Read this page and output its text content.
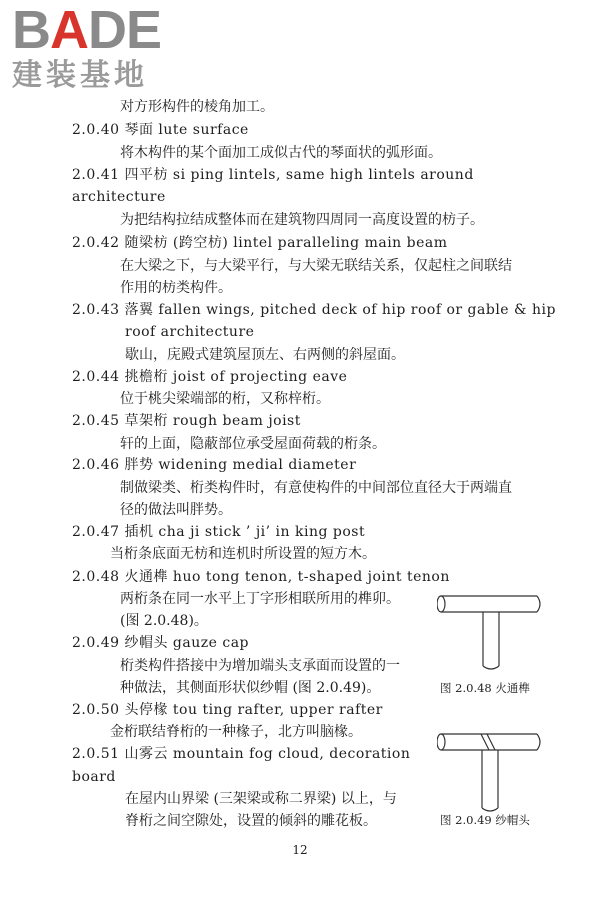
BADE
建装基地
对方形构件的棱角加工。
2.0.40 琴面 lute surface
将木构件的某个面加工成似古代的琴面状的弧形面。
2.0.41 四平枋 si ping lintels, same high lintels around
architecture
为把结构拉结成整体而在建筑物四周同一高度设置的枋子。
2.0.42 随梁枋 (跨空枋) lintel paralleling main beam
在大梁之下，与大梁平行，与大梁无联结关系，仅起柱之间联结
作用的枋类构件。
2.0.43 落翼 fallen wings, pitched deck of hip roof or gable & hip
roof architecture
歇山，庑殿式建筑屋顶左、右两侧的斜屋面。
2.0.44 挑檐桁 joist of projecting eave
位于桃尖梁端部的桁，又称梓桁。
2.0.45 草架桁 rough beam joist
轩的上面，隐蔽部位承受屋面荷载的桁条。
2.0.46 胖势 widening medial diameter
制做梁类、桁类构件时，有意使构件的中间部位直径大于两端直
径的做法叫胖势。
2.0.47 插机 cha ji stick ’ ji’ in king post
当桁条底面无枋和连机时所设置的短方木。
2.0.48 火通榫 huo tong tenon, t-shaped joint tenon
两桁条在同一水平上丁字形相联所用的榫卯。
(图 2.0.48)。
2.0.49 纱帽头 gauze cap
桁类构件搭接中为增加端头支承面而设置的一
种做法，其侧面形状似纱帽 (图 2.0.49)。
2.0.50 头停椽 tou ting rafter, upper rafter
金桁联结脊桁的一种椽子，北方叫脑椽。
2.0.51 山雾云 mountain fog cloud, decoration
board
在屋内山界梁 (三架梁或称二界梁) 以上，与
脊桁之间空隙处，设置的倾斜的雕花板。
图 2.0.48 火通榫
图 2.0.49 纱帽头
12
